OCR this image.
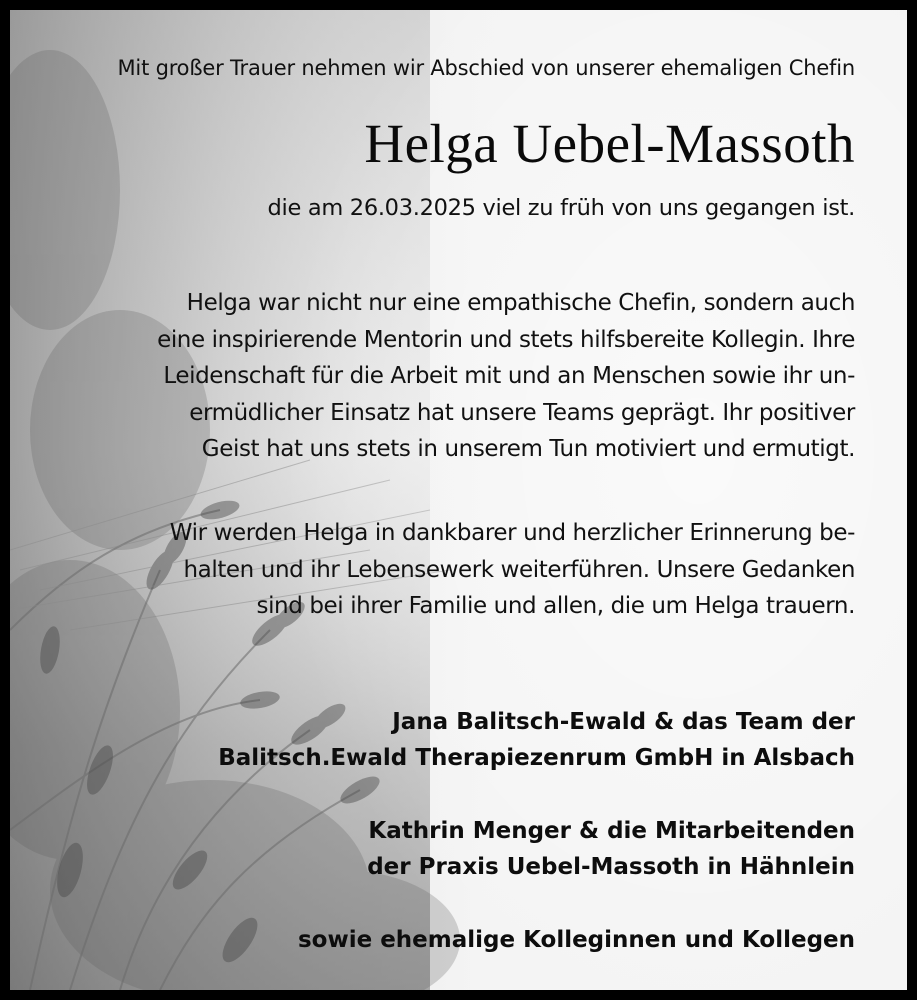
Mit großer Trauer nehmen wir Abschied von unserer ehemaligen Chefin
Helga Uebel-Massoth
die am 26.03.2025 viel zu früh von uns gegangen ist.

Helga war nicht nur eine empathische Chefin, sondern auch

eine inspirierende Mentorin und stets hilfsbereite Kollegin. Ihre

Leidenschaft für die Arbeit mit und an Menschen sowie ihr un-

ermüdlicher Einsatz hat unsere Teams geprägt. Ihr positiver

Geist hat uns stets in unserem Tun motiviert und ermutigt.

Wir werden Helga in dankbarer und herzlicher Erinnerung be-

halten und ihr Lebensewerk weiterführen. Unsere Gedanken

sind bei ihrer Familie und allen, die um Helga trauern.

Jana Balitsch-Ewald & das Team der

Balitsch.Ewald Therapiezenrum GmbH in Alsbach

Kathrin Menger & die Mitarbeitenden

der Praxis Uebel-Massoth in Hähnlein

sowie ehemalige Kolleginnen und Kollegen
